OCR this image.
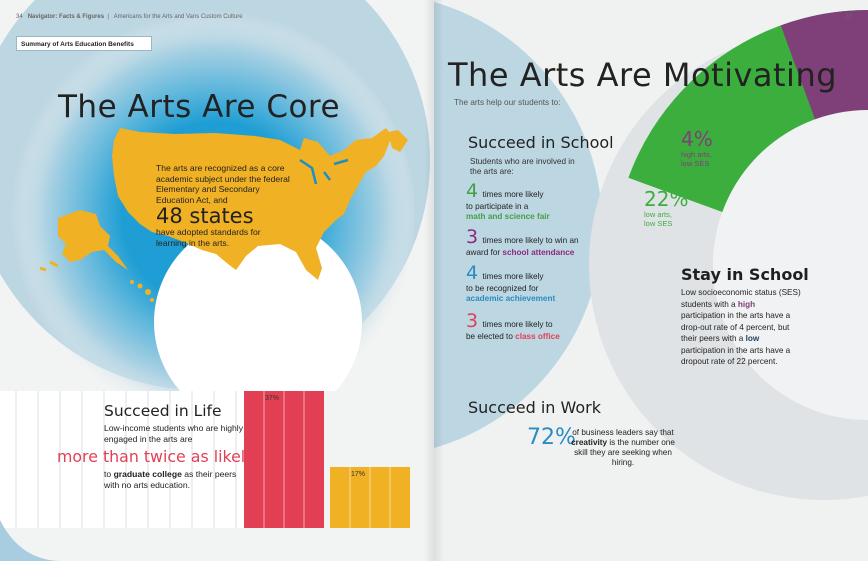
34 Navigator: Facts & Figures  |   Americans for the Arts and Vans Custom Culture
Summary of Arts Education Benefits
The Arts Are Core
The arts are recognized as a core academic subject under the federal Elementary and Secondary Education Act, and
48 states
have adopted standards for learning in the arts.
37%
17%
Succeed in Life
Low-income students who are highly engaged in the arts are
more than twice as likely
to graduate college as their peers with no arts education.
35
The Arts Are Motivating
The arts help our students to:
Succeed in School
Students who are involved in the arts are:
4 times more likely
to participate in a
math and science fair
3 times more likely to win an
award for school attendance
4 times more likely
to be recognized for
academic achievement
3 times more likely to
be elected to class office
Succeed in Work
72%
of business leaders say that creativity is the number one skill they are seeking when hiring.
4%
high arts,
low SES
22%
low arts,
low SES
Stay in School
Low socioeconomic status (SES) students with a high participation in the arts have a drop-out rate of 4 percent, but their peers with a low participation in the arts have a dropout rate of 22 percent.
